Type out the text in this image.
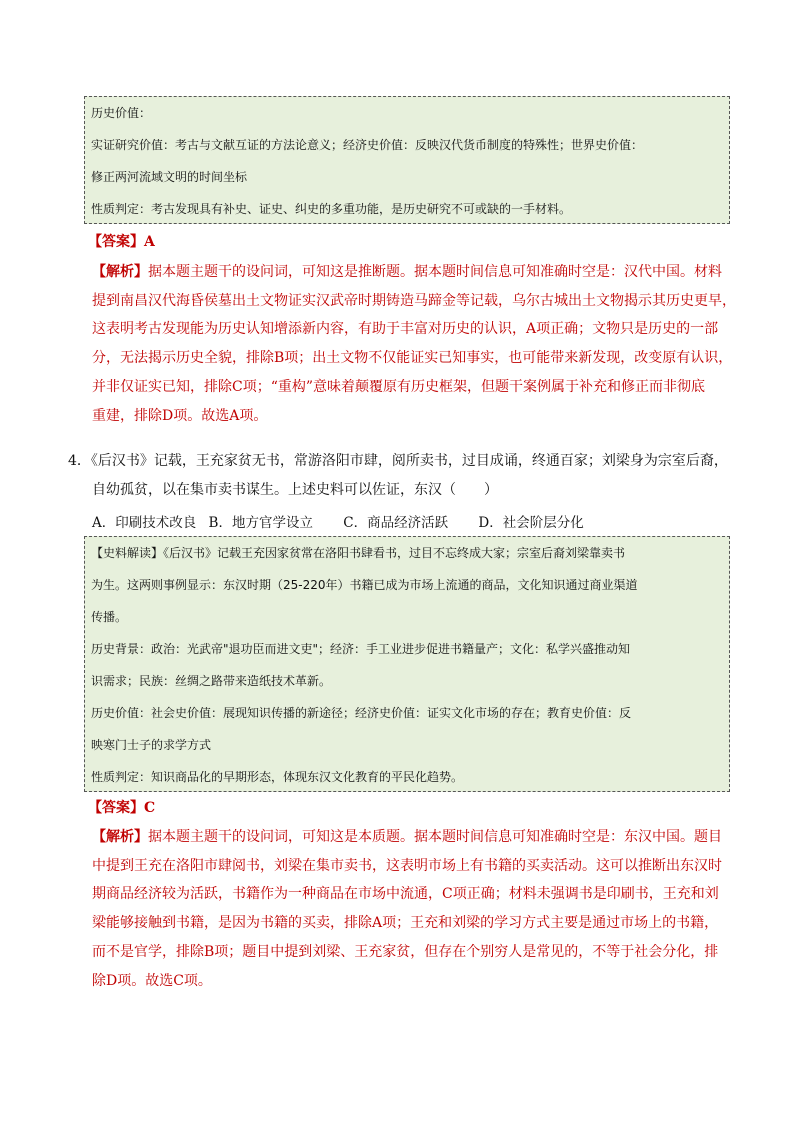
历史价值：

实证研究价值：考古与文献互证的方法论意义；经济史价值：反映汉代货币制度的特殊性；世界史价值：

修正两河流域文明的时间坐标

性质判定：考古发现具有补史、证史、纠史的多重功能，是历史研究不可或缺的一手材料。

【答案】A

【解析】据本题主题干的设问词，可知这是推断题。据本题时间信息可知准确时空是：汉代中国。材料

提到南昌汉代海昏侯墓出土文物证实汉武帝时期铸造马蹄金等记载，乌尔古城出土文物揭示其历史更早，

这表明考古发现能为历史认知增添新内容，有助于丰富对历史的认识，A项正确；文物只是历史的一部

分，无法揭示历史全貌，排除B项；出土文物不仅能证实已知事实，也可能带来新发现，改变原有认识，

并非仅证实已知，排除C项；“重构”意味着颠覆原有历史框架，但题干案例属于补充和修正而非彻底

重建，排除D项。故选A项。

4．《后汉书》记载，王充家贫无书，常游洛阳市肆，阅所卖书，过目成诵，终通百家；刘梁身为宗室后裔，

自幼孤贫，以在集市卖书谋生。上述史料可以佐证，东汉（　　）

A．印刷技术改良 B．地方官学设立 C．商品经济活跃 D．社会阶层分化

【史料解读】《后汉书》记载王充因家贫常在洛阳书肆看书，过目不忘终成大家；宗室后裔刘梁靠卖书

为生。这两则事例显示：东汉时期（25-220年）书籍已成为市场上流通的商品，文化知识通过商业渠道

传播。

历史背景：政治：光武帝"退功臣而进文吏"；经济：手工业进步促进书籍量产；文化：私学兴盛推动知

识需求；民族：丝绸之路带来造纸技术革新。

历史价值：社会史价值：展现知识传播的新途径；经济史价值：证实文化市场的存在；教育史价值：反

映寒门士子的求学方式

性质判定：知识商品化的早期形态，体现东汉文化教育的平民化趋势。

【答案】C

【解析】据本题主题干的设问词，可知这是本质题。据本题时间信息可知准确时空是：东汉中国。题目

中提到王充在洛阳市肆阅书，刘梁在集市卖书，这表明市场上有书籍的买卖活动。这可以推断出东汉时

期商品经济较为活跃，书籍作为一种商品在市场中流通，C项正确；材料未强调书是印刷书，王充和刘

梁能够接触到书籍，是因为书籍的买卖，排除A项；王充和刘梁的学习方式主要是通过市场上的书籍，

而不是官学，排除B项；题目中提到刘梁、王充家贫，但存在个别穷人是常见的，不等于社会分化，排

除D项。故选C项。
